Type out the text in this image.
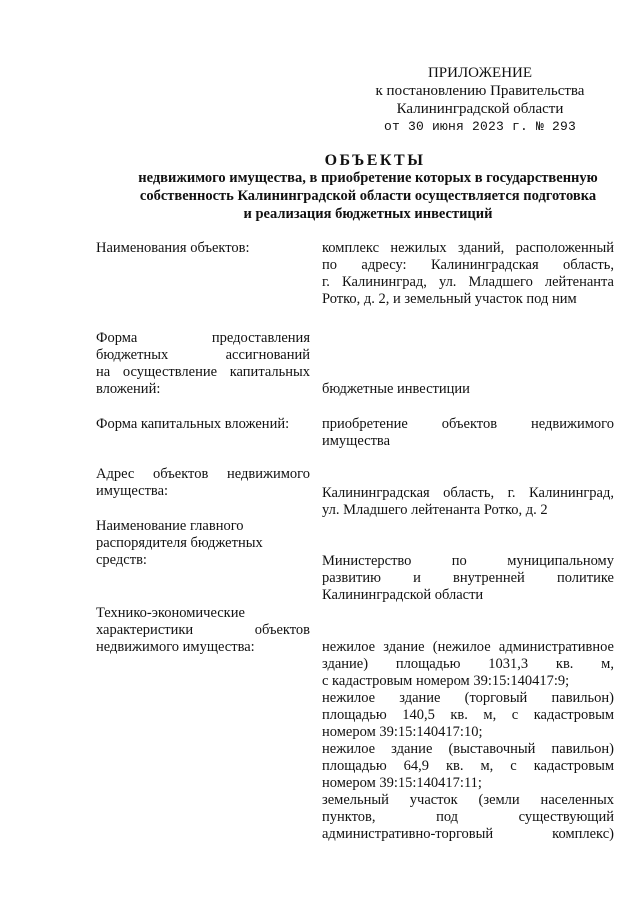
ПРИЛОЖЕНИЕ
к постановлению Правительства
Калининградской области
от 30 июня 2023 г. № 293
ОБЪЕКТЫ
недвижимого имущества, в приобретение которых в государственную
собственность Калининградской области осуществляется подготовка
и реализация бюджетных инвестиций
Наименования объектов:	комплекс нежилых зданий, расположенный
по адресу: Калининградская область,
г. Калининград, ул. Младшего лейтенанта
Ротко, д. 2, и земельный участок под ним
Форма предоставления
бюджетных ассигнований
на осуществление капитальных
вложений:	бюджетные инвестиции
Форма капитальных вложений:	приобретение объектов недвижимого
имущества
Адрес объектов недвижимого
имущества:	Калининградская область, г. Калининград,
ул. Младшего лейтенанта Ротко, д. 2
Наименование главного
распорядителя бюджетных
средств:	Министерство по муниципальному
развитию и внутренней политике
Калининградской области
Технико-экономические
характеристики объектов
недвижимого имущества:	нежилое здание (нежилое административное
здание) площадью 1031,3 кв. м,
с кадастровым номером 39:15:140417:9;
нежилое здание (торговый павильон)
площадью 140,5 кв. м, с кадастровым
номером 39:15:140417:10;
нежилое здание (выставочный павильон)
площадью 64,9 кв. м, с кадастровым
номером 39:15:140417:11;
земельный участок (земли населенных
пунктов, под существующий
административно-торговый комплекс)
